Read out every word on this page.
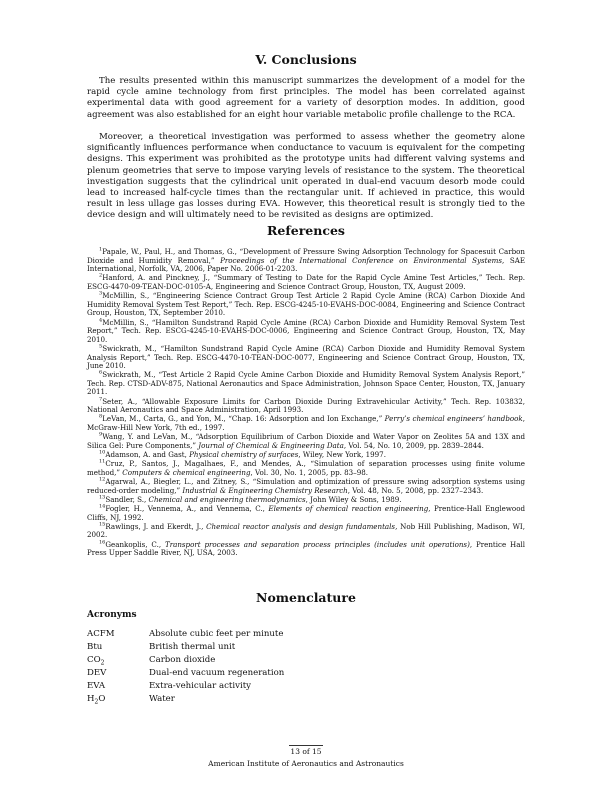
V. Conclusions
The results presented within this manuscript summarizes the development of a model for the rapid cycle amine technology from first principles. The model has been correlated against experimental data with good agreement for a variety of desorption modes. In addition, good agreement was also established for an eight hour variable metabolic profile challenge to the RCA.
Moreover, a theoretical investigation was performed to assess whether the geometry alone significantly influences performance when conductance to vacuum is equivalent for the competing designs. This experiment was prohibited as the prototype units had different valving systems and plenum geometries that serve to impose varying levels of resistance to the system. The theoretical investigation suggests that the cylindrical unit operated in dual-end vacuum desorb mode could lead to increased half-cycle times than the rectangular unit. If achieved in practice, this would result in less ullage gas losses during EVA. However, this theoretical result is strongly tied to the device design and will ultimately need to be revisited as designs are optimized.
References
$^1$Papale, W., Paul, H., and Thomas, G., “Development of Pressure Swing Adsorption Technology for Spacesuit Carbon Dioxide and Humidity Removal,” Proceedings of the International Conference on Environmental Systems, SAE International, Norfolk, VA, 2006, Paper No. 2006-01-2203.
$^2$Hanford, A. and Pinckney, J., “Summary of Testing to Date for the Rapid Cycle Amine Test Articles,” Tech. Rep. ESCG-4470-09-TEAN-DOC-0105-A, Engineering and Science Contract Group, Houston, TX, August 2009.
$^3$McMillin, S., “Engineering Science Contract Group Test Article 2 Rapid Cycle Amine (RCA) Carbon Dioxide And Humidity Removal System Test Report,” Tech. Rep. ESCG-4245-10-EVAHS-DOC-0084, Engineering and Science Contract Group, Houston, TX, September 2010.
$^4$McMillin, S., “Hamilton Sundstrand Rapid Cycle Amine (RCA) Carbon Dioxide and Humidity Removal System Test Report,” Tech. Rep. ESCG-4245-10-EVAHS-DOC-0006, Engineering and Science Contract Group, Houston, TX, May 2010.
$^5$Swickrath, M., “Hamilton Sundstrand Rapid Cycle Amine (RCA) Carbon Dioxide and Humidity Removal System Analysis Report,” Tech. Rep. ESCG-4470-10-TEAN-DOC-0077, Engineering and Science Contract Group, Houston, TX, June 2010.
$^6$Swickrath, M., “Test Article 2 Rapid Cycle Amine Carbon Dioxide and Humidity Removal System Analysis Report,” Tech. Rep. CTSD-ADV-875, National Aeronautics and Space Administration, Johnson Space Center, Houston, TX, January 2011.
$^7$Seter, A., “Allowable Exposure Limits for Carbon Dioxide During Extravehicular Activity,” Tech. Rep. 103832, National Aeronautics and Space Administration, April 1993.
$^8$LeVan, M., Carta, G., and Yon, M., “Chap. 16: Adsorption and Ion Exchange,” Perry’s chemical engineers’ handbook, McGraw-Hill New York, 7th ed., 1997.
$^9$Wang, Y. and LeVan, M., “Adsorption Equilibrium of Carbon Dioxide and Water Vapor on Zeolites 5A and 13X and Silica Gel: Pure Components,” Journal of Chemical & Engineering Data, Vol. 54, No. 10, 2009, pp. 2839–2844.
$^{10}$Adamson, A. and Gast, Physical chemistry of surfaces, Wiley, New York, 1997.
$^{11}$Cruz, P., Santos, J., Magalhaes, F., and Mendes, A., “Simulation of separation processes using finite volume method,” Computers & chemical engineering, Vol. 30, No. 1, 2005, pp. 83–98.
$^{12}$Agarwal, A., Biegler, L., and Zitney, S., “Simulation and optimization of pressure swing adsorption systems using reduced-order modeling,” Industrial & Engineering Chemistry Research, Vol. 48, No. 5, 2008, pp. 2327–2343.
$^{13}$Sandler, S., Chemical and engineering thermodynamics, John Wiley & Sons, 1989.
$^{14}$Fogler, H., Vennema, A., and Vennema, C., Elements of chemical reaction engineering, Prentice-Hall Englewood Cliffs, NJ, 1992.
$^{15}$Rawlings, J. and Ekerdt, J., Chemical reactor analysis and design fundamentals, Nob Hill Publishing, Madison, WI, 2002.
$^{16}$Geankoplis, C., Transport processes and separation process principles (includes unit operations), Prentice Hall Press Upper Saddle River, NJ, USA, 2003.
Nomenclature
Acronyms
ACFM	Absolute cubic feet per minute
Btu	British thermal unit
$CO_2$	Carbon dioxide
DEV	Dual-end vacuum regeneration
EVA	Extra-vehicular activity
$H_2O$	Water
13 of 15
American Institute of Aeronautics and Astronautics
